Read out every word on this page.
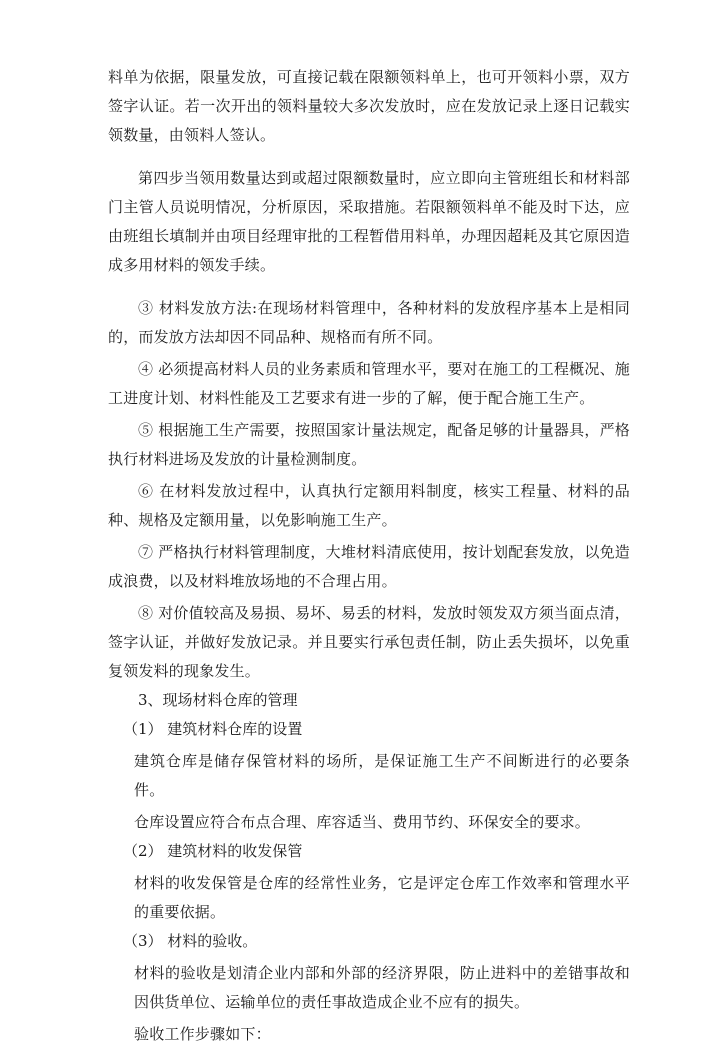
料单为依据，限量发放，可直接记载在限额领料单上，也可开领料小票，双方签字认证。若一次开出的领料量较大多次发放时，应在发放记录上逐日记载实领数量，由领料人签认。

第四步当领用数量达到或超过限额数量时，应立即向主管班组长和材料部门主管人员说明情况，分析原因，采取措施。若限额领料单不能及时下达，应由班组长填制并由项目经理审批的工程暂借用料单，办理因超耗及其它原因造成多用材料的领发手续。

③ 材料发放方法:在现场材料管理中，各种材料的发放程序基本上是相同的，而发放方法却因不同品种、规格而有所不同。

④ 必须提高材料人员的业务素质和管理水平，要对在施工的工程概况、施工进度计划、材料性能及工艺要求有进一步的了解，便于配合施工生产。

⑤ 根据施工生产需要，按照国家计量法规定，配备足够的计量器具，严格执行材料进场及发放的计量检测制度。

⑥ 在材料发放过程中，认真执行定额用料制度，核实工程量、材料的品种、规格及定额用量，以免影响施工生产。

⑦ 严格执行材料管理制度，大堆材料清底使用，按计划配套发放，以免造成浪费，以及材料堆放场地的不合理占用。

⑧ 对价值较高及易损、易坏、易丢的材料，发放时领发双方须当面点清，签字认证，并做好发放记录。并且要实行承包责任制，防止丢失损坏，以免重复领发料的现象发生。

3、现场材料仓库的管理

（1） 建筑材料仓库的设置

建筑仓库是储存保管材料的场所，是保证施工生产不间断进行的必要条件。

仓库设置应符合布点合理、库容适当、费用节约、环保安全的要求。

（2） 建筑材料的收发保管

材料的收发保管是仓库的经常性业务，它是评定仓库工作效率和管理水平的重要依据。

（3） 材料的验收。

材料的验收是划清企业内部和外部的经济界限，防止进料中的差错事故和因供货单位、运输单位的责任事故造成企业不应有的损失。

验收工作步骤如下：
